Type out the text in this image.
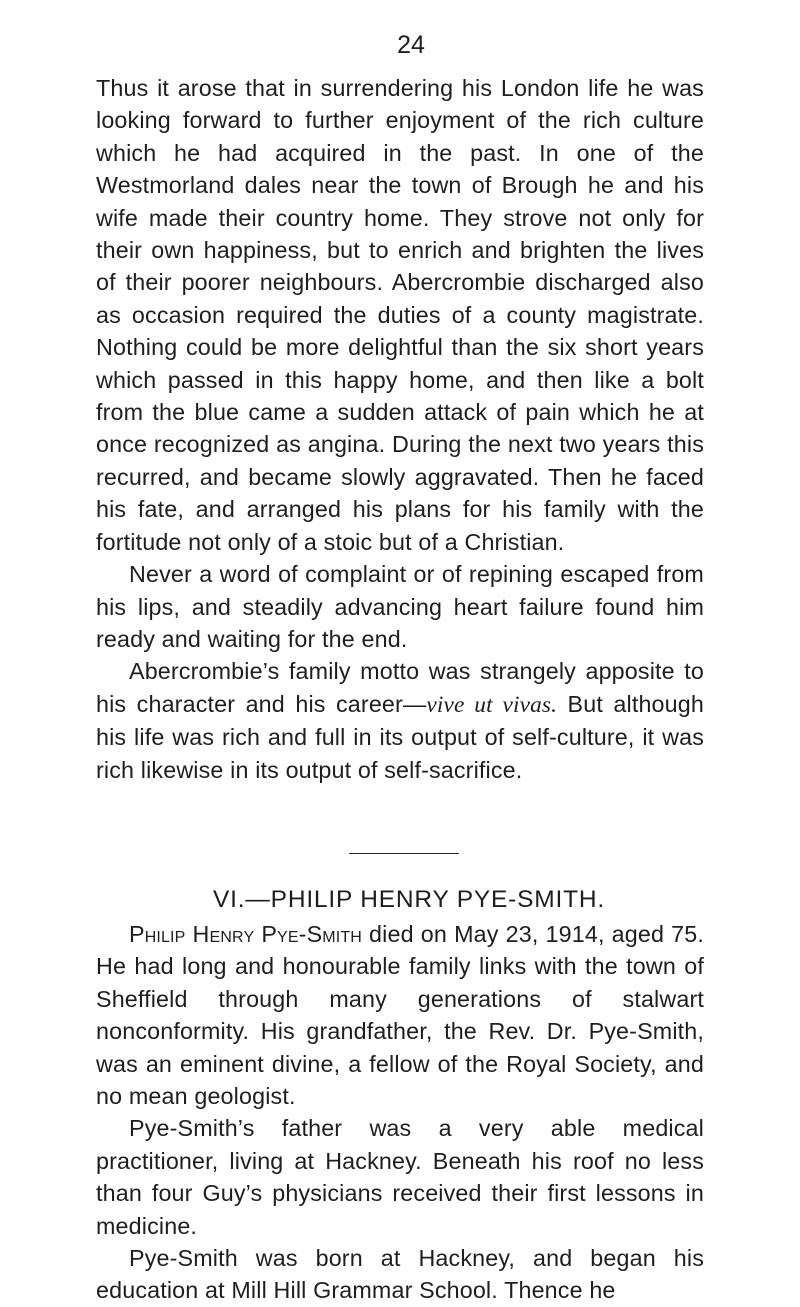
24

Thus it arose that in surrendering his London life he was looking forward to further enjoyment of the rich culture which he had acquired in the past. In one of the Westmorland dales near the town of Brough he and his wife made their country home. They strove not only for their own happiness, but to enrich and brighten the lives of their poorer neighbours. Abercrombie discharged also as occasion required the duties of a county magistrate. Nothing could be more delightful than the six short years which passed in this happy home, and then like a bolt from the blue came a sudden attack of pain which he at once recognized as angina. During the next two years this recurred, and became slowly aggravated. Then he faced his fate, and arranged his plans for his family with the fortitude not only of a stoic but of a Christian.

Never a word of complaint or of repining escaped from his lips, and steadily advancing heart failure found him ready and waiting for the end.

Abercrombie’s family motto was strangely apposite to his character and his career—vive ut vivas. But although his life was rich and full in its output of self-culture, it was rich likewise in its output of self-sacrifice.

VI.—PHILIP HENRY PYE-SMITH.

Philip Henry Pye-Smith died on May 23, 1914, aged 75. He had long and honourable family links with the town of Sheffield through many generations of stalwart nonconformity. His grandfather, the Rev. Dr. Pye-Smith, was an eminent divine, a fellow of the Royal Society, and no mean geologist.

Pye-Smith’s father was a very able medical practitioner, living at Hackney. Beneath his roof no less than four Guy’s physicians received their first lessons in medicine.

Pye-Smith was born at Hackney, and began his education at Mill Hill Grammar School. Thence he
